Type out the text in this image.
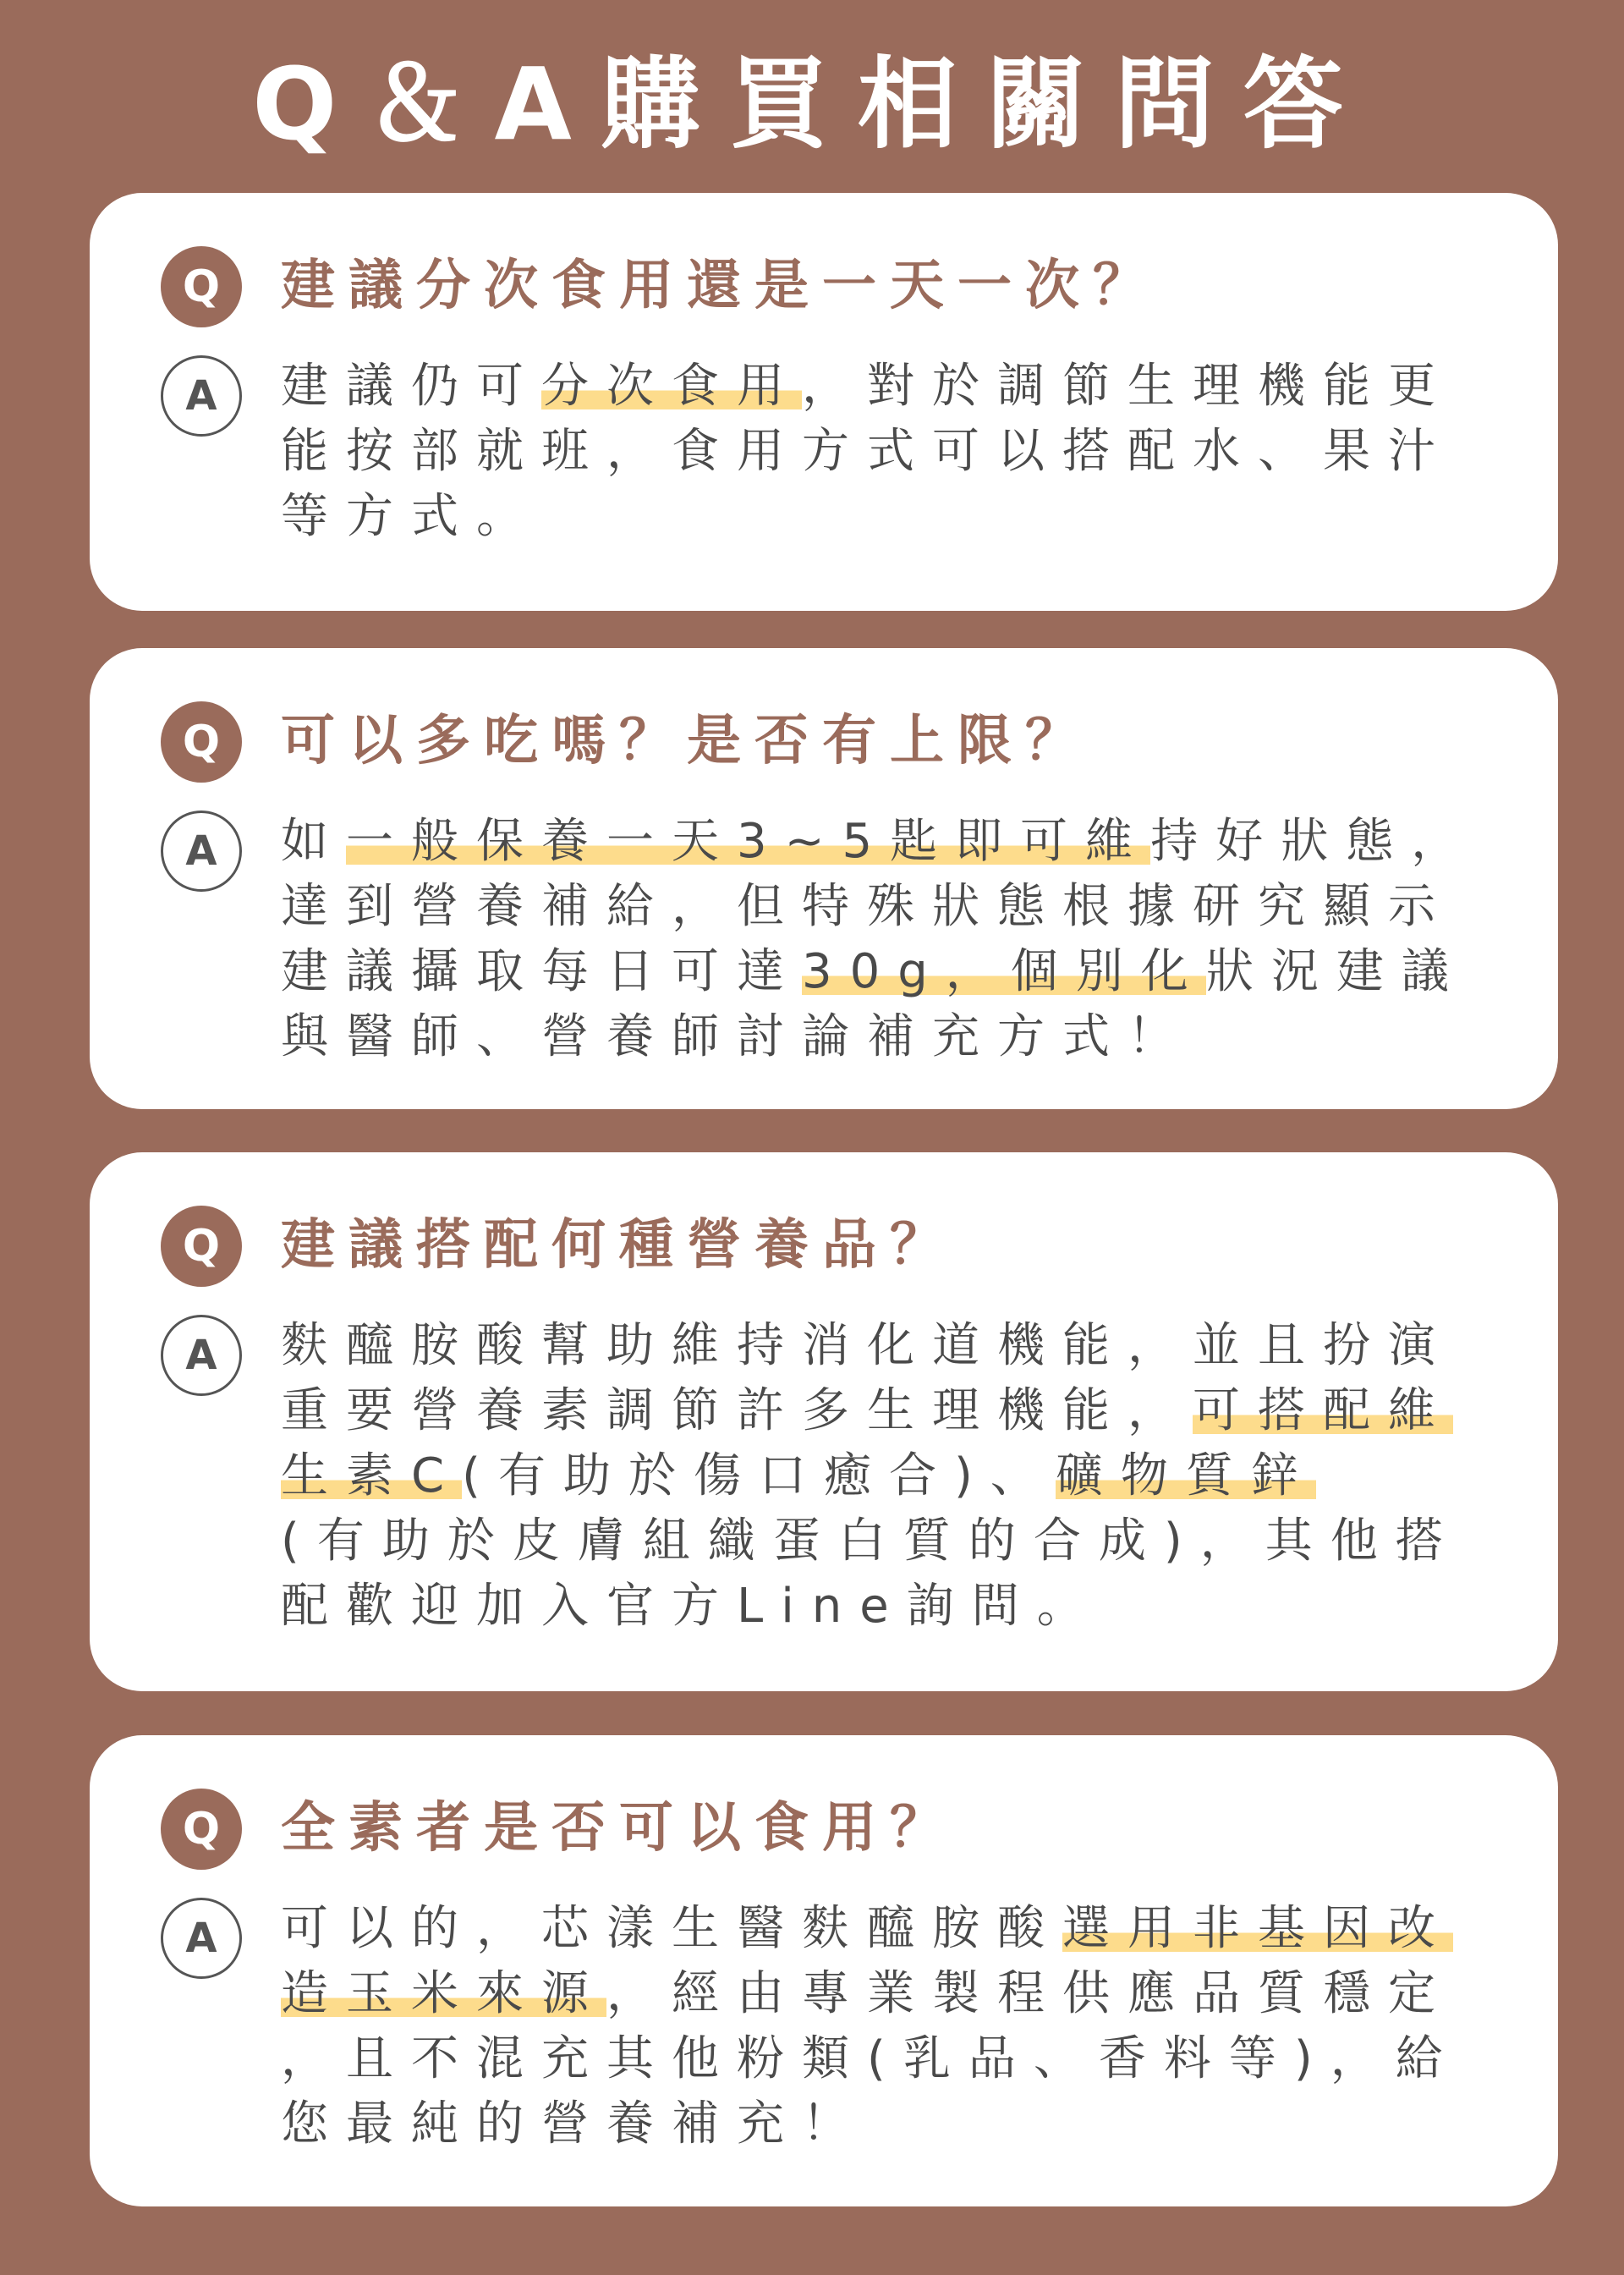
Q＆A購買相關問答
Q	建議分次食用還是一天一次？
A	建議仍可分次食用，對於調節生理機能更
能按部就班，食用方式可以搭配水、果汁
等方式。
Q	可以多吃嗎？是否有上限？
A	如一般保養一天3~5匙即可維持好狀態，
達到營養補給，但特殊狀態根據研究顯示
建議攝取每日可達30g，個別化狀況建議
與醫師、營養師討論補充方式！
Q	建議搭配何種營養品？
A	麩醯胺酸幫助維持消化道機能，並且扮演
重要營養素調節許多生理機能，可搭配維
生素C(有助於傷口癒合)、礦物質鋅
(有助於皮膚組織蛋白質的合成)，其他搭
配歡迎加入官方Line詢問。
Q	全素者是否可以食用？
A	可以的，芯漾生醫麩醯胺酸選用非基因改
造玉米來源，經由專業製程供應品質穩定
，且不混充其他粉類(乳品、香料等)，給
您最純的營養補充！
